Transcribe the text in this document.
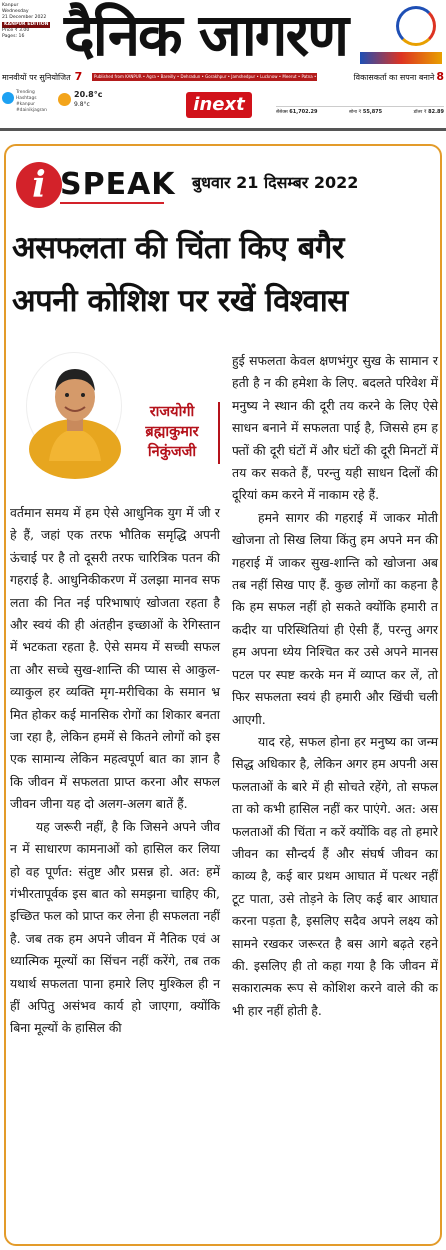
Kanpur
Wednesday
21 December 2022
KANPUR EDITION
Price ₹ 3.00
Pages: 16 दैनिक जागरण
मानवीयों पर सुनियोजित 7	Published from KANPUR • Agra • Bareilly • Dehradun • Gorakhpur • Jamshedpur • Lucknow • Meerut • Patna • Prayagraj • Ranchi • Varanasi
विकासकर्ता का सपना बनाने 8
Trending Hashtags
#kanpur
#dainikjagran
20.8°c
9.8°c	inext	सेंसेक्स 61,702.29	सोना ₹ 55,875	डॉलर ₹ 82.89
i SPEAK बुधवार 21 दिसम्बर 2022
असफलता की चिंता किए बगैर
अपनी कोशिश पर रखें विश्वास
राजयोगी
ब्रह्माकुमार
निकुंजजी

वर्तमान समय में हम ऐसे आधुनिक युग में जी रहे हैं, जहां एक तरफ भौतिक समृद्धि अपनी ऊंचाई पर है तो दूसरी तरफ चारित्रिक पतन की गहराई है. आधुनिकीकरण में उलझा मानव सफलता की नित नई परिभाषाएं खोजता रहता है और स्वयं की ही अंतहीन इच्छाओं के रेगिस्तान में भटकता रहता है. ऐसे समय में सच्ची सफलता और सच्चे सुख-शान्ति की प्यास से आकुल-व्याकुल हर व्यक्ति मृग-मरीचिका के समान भ्रमित होकर कई मानसिक रोगों का शिकार बनता जा रहा है, लेकिन हममें से कितने लोगों को इस एक सामान्य लेकिन महत्वपूर्ण बात का ज्ञान है कि जीवन में सफलता प्राप्त करना और सफल जीवन जीना यह दो अलग-अलग बातें हैं.

यह जरूरी नहीं, है कि जिसने अपने जीवन में साधारण कामनाओं को हासिल कर लिया हो वह पूर्णत: संतुष्ट और प्रसन्न हो. अत: हमें गंभीरतापूर्वक इस बात को समझना चाहिए की, इच्छित फल को प्राप्त कर लेना ही सफलता नहीं है. जब तक हम अपने जीवन में नैतिक एवं अध्यात्मिक मूल्यों का सिंचन नहीं करेंगे, तब तक यथार्थ सफलता पाना हमारे लिए मुश्किल ही नहीं अपितु असंभव कार्य हो जाएगा, क्योंकि बिना मूल्यों के हासिल की

हुई सफलता केवल क्षणभंगुर सुख के सामान रहती है न की हमेशा के लिए. बदलते परिवेश में मनुष्य ने स्थान की दूरी तय करने के लिए ऐसे साधन बनाने में सफलता पाई है, जिससे हम हफ्तों की दूरी घंटों में और घंटों की दूरी मिनटों में तय कर सकते हैं, परन्तु यही साधन दिलों की दूरियां कम करने में नाकाम रहे हैं.

हमने सागर की गहराई में जाकर मोती खोजना तो सिख लिया किंतु हम अपने मन की गहराई में जाकर सुख-शान्ति को खोजना अब तब नहीं सिख पाए हैं. कुछ लोगों का कहना है कि हम सफल नहीं हो सकते क्योंकि हमारी तकदीर या परिस्थितियां ही ऐसी हैं, परन्तु अगर हम अपना ध्येय निश्चित कर उसे अपने मानस पटल पर स्पष्ट करके मन में व्याप्त कर लें, तो फिर सफलता स्वयं ही हमारी और खिंची चली आएगी.

याद रहे, सफल होना हर मनुष्य का जन्मसिद्ध अधिकार है, लेकिन अगर हम अपनी असफलताओं के बारे में ही सोचते रहेंगे, तो सफलता को कभी हासिल नहीं कर पाएंगे. अत: असफलताओं की चिंता न करें क्योंकि वह तो हमारे जीवन का सौन्दर्य हैं और संघर्ष जीवन का काव्य है, कई बार प्रथम आघात में पत्थर नहीं टूट पाता, उसे तोड़ने के लिए कई बार आघात करना पड़ता है, इसलिए सदैव अपने लक्ष्य को सामने रखकर जरूरत है बस आगे बढ़ते रहने की. इसलिए ही तो कहा गया है कि जीवन में सकारात्मक रूप से कोशिश करने वाले की कभी हार नहीं होती है.
